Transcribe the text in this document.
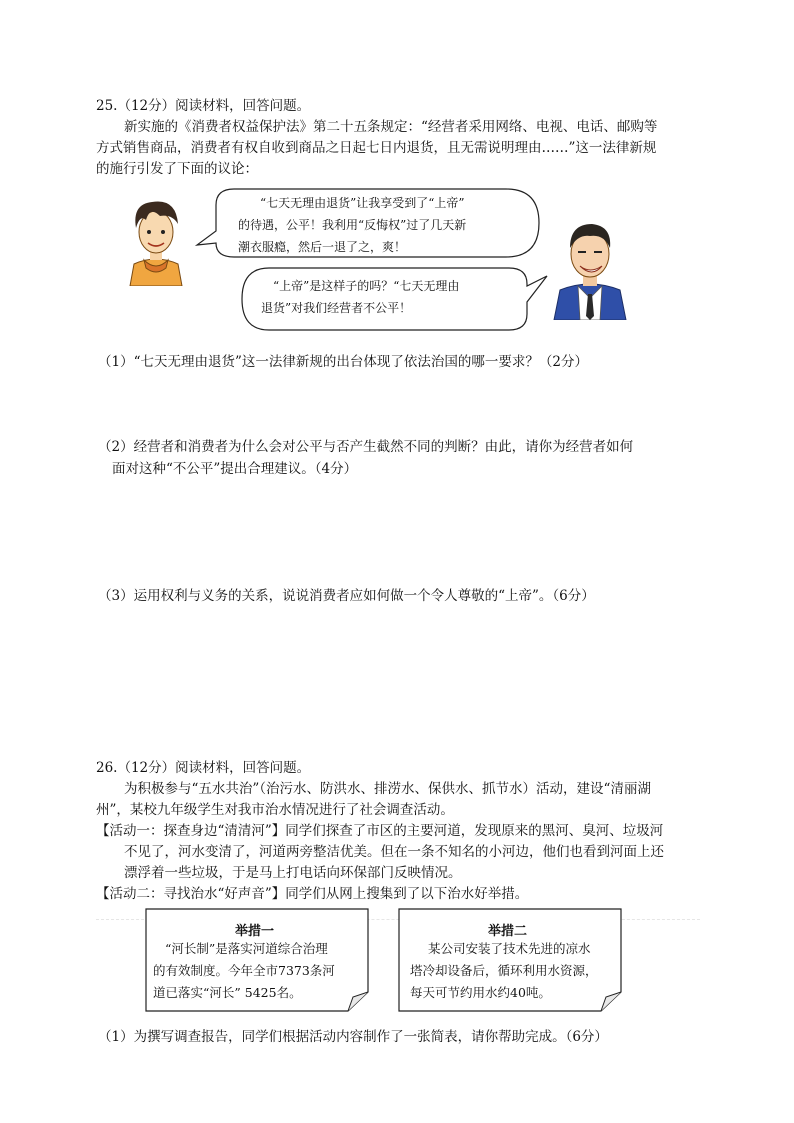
25.（12分）阅读材料，回答问题。
新实施的《消费者权益保护法》第二十五条规定：“经营者采用网络、电视、电话、邮购等
方式销售商品，消费者有权自收到商品之日起七日内退货，且无需说明理由……”这一法律新规
的施行引发了下面的议论：
“七天无理由退货”让我享受到了“上帝”
的待遇，公平！我利用“反悔权”过了几天新
潮衣服瘾，然后一退了之，爽！
“上帝”是这样子的吗？“七天无理由
退货”对我们经营者不公平！
（1）“七天无理由退货”这一法律新规的出台体现了依法治国的哪一要求？（2分）
（2）经营者和消费者为什么会对公平与否产生截然不同的判断？由此，请你为经营者如何
面对这种“不公平”提出合理建议。（4分）
（3）运用权利与义务的关系，说说消费者应如何做一个令人尊敬的“上帝”。（6分）
26.（12分）阅读材料，回答问题。
为积极参与“五水共治”（治污水、防洪水、排涝水、保供水、抓节水）活动，建设“清丽湖
州”，某校九年级学生对我市治水情况进行了社会调查活动。
【活动一：探查身边“清清河”】同学们探查了市区的主要河道，发现原来的黑河、臭河、垃圾河
不见了，河水变清了，河道两旁整洁优美。但在一条不知名的小河边，他们也看到河面上还
漂浮着一些垃圾，于是马上打电话向环保部门反映情况。
【活动二：寻找治水“好声音”】同学们从网上搜集到了以下治水好举措。
举措一
“河长制”是落实河道综合治理
的有效制度。今年全市7373条河
道已落实“河长” 5425名。
举措二
某公司安装了技术先进的凉水
塔冷却设备后，循环利用水资源，
每天可节约用水约40吨。
（1）为撰写调查报告，同学们根据活动内容制作了一张简表，请你帮助完成。（6分）
